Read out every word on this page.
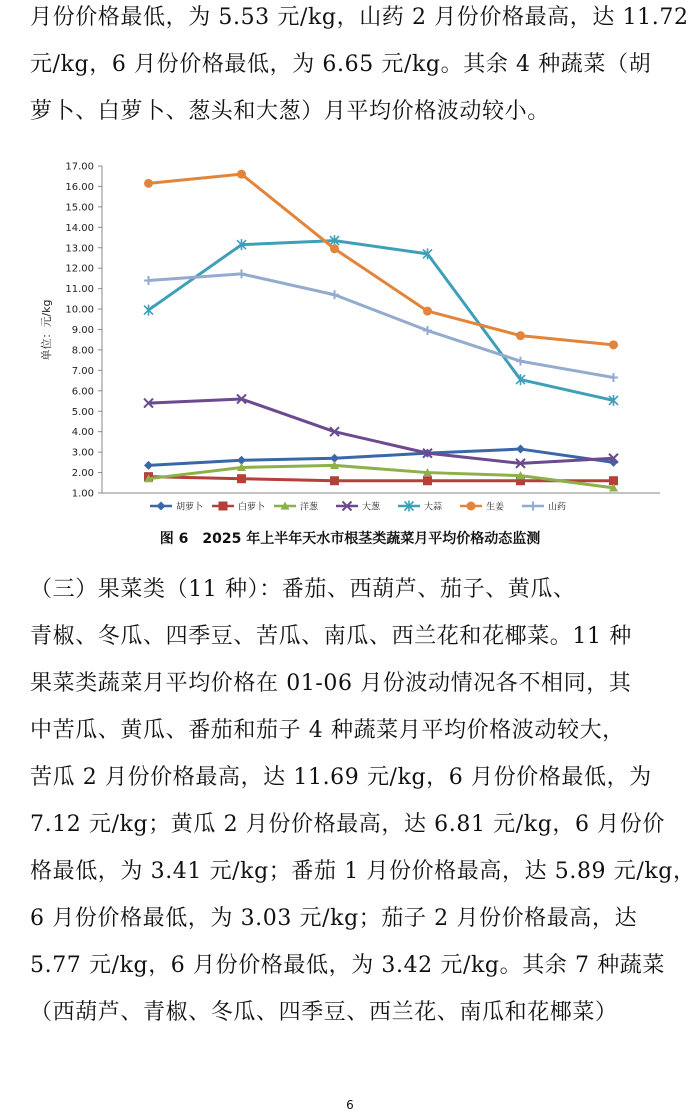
月份价格最低，为 5.53 元/kg，山药 2 月份价格最高，达 11.72
元/kg，6 月份价格最低，为 6.65 元/kg。其余 4 种蔬菜（胡
萝卜、白萝卜、葱头和大葱）月平均价格波动较小。
1.00
2.00
3.00
4.00
5.00
6.00
7.00
8.00
9.00
10.00
11.00
12.00
13.00
14.00
15.00
16.00
17.00
单位：元/kg
胡萝卜	白萝卜	洋葱	大葱	大蒜	生姜	山药
图 6　2025 年上半年天水市根茎类蔬菜月平均价格动态监测
（三）果菜类（11 种）：番茄、西葫芦、茄子、黄瓜、
青椒、冬瓜、四季豆、苦瓜、南瓜、西兰花和花椰菜。11 种
果菜类蔬菜月平均价格在 01-06 月份波动情况各不相同，其
中苦瓜、黄瓜、番茄和茄子 4 种蔬菜月平均价格波动较大，
苦瓜 2 月份价格最高，达 11.69 元/kg，6 月份价格最低，为
7.12 元/kg；黄瓜 2 月份价格最高，达 6.81 元/kg，6 月份价
格最低，为 3.41 元/kg；番茄 1 月份价格最高，达 5.89 元/kg，
6 月份价格最低，为 3.03 元/kg；茄子 2 月份价格最高，达
5.77 元/kg，6 月份价格最低，为 3.42 元/kg。其余 7 种蔬菜
（西葫芦、青椒、冬瓜、四季豆、西兰花、南瓜和花椰菜）
6
